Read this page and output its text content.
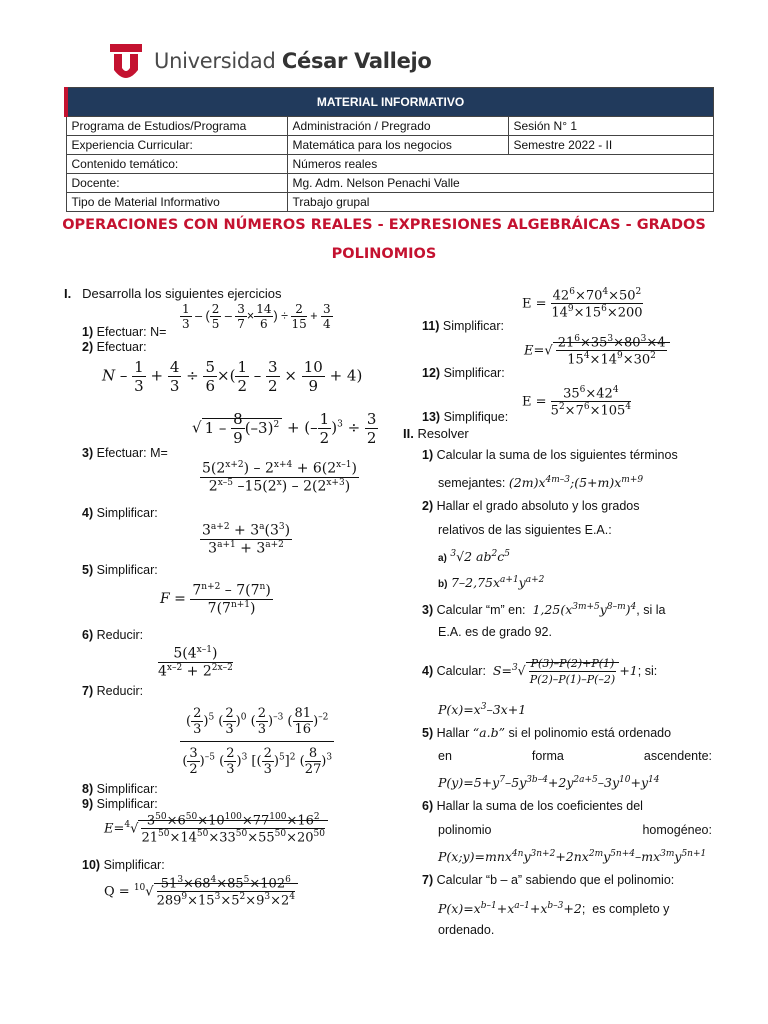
Universidad César Vallejo
MATERIAL INFORMATIVO		
Programa de Estudios/Programa	Administración / Pregrado	Sesión N° 1
Experiencia Curricular:	Matemática para los negocios	Semestre 2022 - II
Contenido temático:	Números reales	
Docente:	Mg. Adm. Nelson Penachi Valle	
Tipo de Material Informativo	Trabajo grupal	
OPERACIONES CON NÚMEROS REALES - EXPRESIONES ALGEBRÁICAS - GRADOS
POLINOMIOS
I. Desarrolla los siguientes ejercicios
$\frac{1}{3}$ – ( $\frac{2}{5} - \frac{3}{7} \times \frac{14}{6}$ ) ÷ $\frac{2}{15} + \frac{3}{4}$
1) Efectuar: N=
2) Efectuar:
$N - \frac{1}{3} + \frac{4}{3} \div \frac{5}{6}$ ×( $\frac{1}{2} - \frac{3}{2} \times \frac{10}{9} + 4$)
√ $1 - \frac{8}{9} (-3)^2$ + (– $\frac{1}{2} )^3 \div \frac{3}{2}$
3) Efectuar: M=
$\frac{5(2^{x+2}) - 2^{x+4} + 6(2^{x-1})}{2^{x-5} -15(2^x) - 2(2^{x+3})}$
4) Simplificar:
$\frac{3^{a+2} + 3^a(3^3)}{3^{a+1} + 3^{a+2}}$
5) Simplificar:
$F = \frac{7^{n+2} - 7(7^n)}{7(7^{n+1})}$
6) Reducir:
$\frac{5(4^{x-1})}{4^{x-2} + 2^{2x-2}}$
7) Reducir:
$\frac{( \frac{2}{3} )^5 ( \frac{2}{3} )^0 ( \frac{2}{3} )^{-3} ( \frac{81}{16} )^{-2}}{( \frac{3}{2} )^{-5} ( \frac{2}{3} )^3 [( \frac{2}{3} )^5]^2 ( \frac{8}{27} )^3}$
8) Simplificar:
9) Simplificar:
$E=^4√ \frac{3^{50}\times 6^{50}\times 10^{100}\times 77^{100}\times 16^2}{21^{50}\times 14^{50}\times 33^{50}\times 55^{50}\times 20^{50}}$
10) Simplificar:
$Q = ^{10}√ \frac{51^3\times 68^4\times 85^5\times 102^6}{289^9\times 15^3\times 5^2\times 9^3\times 2^4}$
$E = \frac{42^6\times 70^4\times 50^2}{14^9\times 15^6\times 200}$
11) Simplificar:
$E=√ \frac{21^6\times 35^3\times 80^3\times 4}{15^4\times 14^9\times 30^2}$
12) Simplificar:
$E = \frac{35^6\times 42^4}{5^2\times 7^6\times 105^4}$
13) Simplifique:
II. Resolver
1) Calcular la suma de los siguientes términos
semejantes: $(2m)x^{4m-3};(5+m)x^{m+9}$
2) Hallar el grado absoluto y los grados
relativos de las siguientes E.A.:
a) $^3$√2 $ab^2c^5$
b) $7-2,75x^{a+1}y^{a+2}$
3) Calcular “m” en: $1,25(x^{3m+5}y^{8-m})^4$, si la
E.A. es de grado 92.
4) Calcular: $S=^3√ \frac{P(3)-P(2)+P(1)}{P(2)-P(1)-P(-2)} +1$; si:
$P(x)=x^3-3x+1$
5) Hallar “a.b” si el polinomio está ordenado
en	forma	ascendente:
$P(y)=5+y^7-5y^{3b-4}+2y^{2a+5}-3y^{10}+y^{14}$
6) Hallar la suma de los coeficientes del
polinomio	homogéneo:
$P(x;y)=mnx^{4n}y^{3n+2}+2nx^{2m}y^{5n+4}-mx^{3m}y^{5n+1}$
7) Calcular “b – a” sabiendo que el polinomio:
$P(x)=x^{b-1}+x^{a-1}+x^{b-3}+2$;  es completo y
ordenado.
